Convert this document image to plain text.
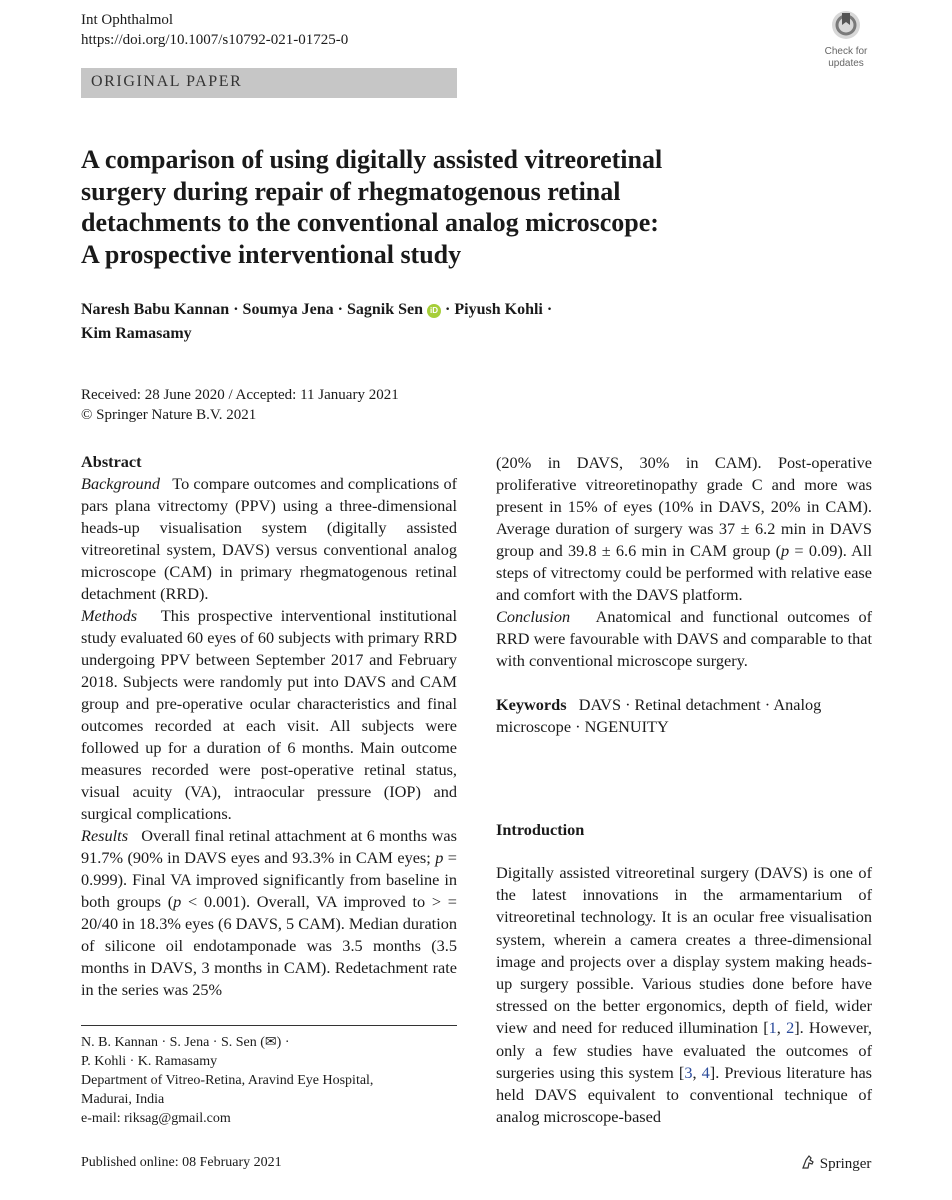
Int Ophthalmol
https://doi.org/10.1007/s10792-021-01725-0
Check for
updates
ORIGINAL PAPER
A comparison of using digitally assisted vitreoretinal
surgery during repair of rhegmatogenous retinal
detachments to the conventional analog microscope:
A prospective interventional study
Naresh Babu Kannan · Soumya Jena · Sagnik Sen iD · Piyush Kohli ·
Kim Ramasamy
Received: 28 June 2020 / Accepted: 11 January 2021
© Springer Nature B.V. 2021

Abstract

Background To compare outcomes and complications of pars plana vitrectomy (PPV) using a three-dimensional heads-up visualisation system (digitally assisted vitreoretinal system, DAVS) versus conventional analog microscope (CAM) in primary rhegmatogenous retinal detachment (RRD).

Methods This prospective interventional institutional study evaluated 60 eyes of 60 subjects with primary RRD undergoing PPV between September 2017 and February 2018. Subjects were randomly put into DAVS and CAM group and pre-operative ocular characteristics and final outcomes recorded at each visit. All subjects were followed up for a duration of 6 months. Main outcome measures recorded were post-operative retinal status, visual acuity (VA), intraocular pressure (IOP) and surgical complications.

Results Overall final retinal attachment at 6 months was 91.7% (90% in DAVS eyes and 93.3% in CAM eyes; p = 0.999). Final VA improved significantly from baseline in both groups (p < 0.001). Overall, VA improved to > = 20/40 in 18.3% eyes (6 DAVS, 5 CAM). Median duration of silicone oil endotamponade was 3.5 months (3.5 months in DAVS, 3 months in CAM). Redetachment rate in the series was 25%

(20% in DAVS, 30% in CAM). Post-operative proliferative vitreoretinopathy grade C and more was present in 15% of eyes (10% in DAVS, 20% in CAM). Average duration of surgery was 37 ± 6.2 min in DAVS group and 39.8 ± 6.6 min in CAM group (p = 0.09). All steps of vitrectomy could be performed with relative ease and comfort with the DAVS platform.

Conclusion Anatomical and functional outcomes of RRD were favourable with DAVS and comparable to that with conventional microscope surgery.

Keywords DAVS · Retinal detachment · Analog microscope · NGENUITY

Introduction

Digitally assisted vitreoretinal surgery (DAVS) is one of the latest innovations in the armamentarium of vitreoretinal technology. It is an ocular free visualisation system, wherein a camera creates a three-dimensional image and projects over a display system making heads-up surgery possible. Various studies done before have stressed on the better ergonomics, depth of field, wider view and need for reduced illumination [1, 2]. However, only a few studies have evaluated the outcomes of surgeries using this system [3, 4]. Previous literature has held DAVS equivalent to conventional technique of analog microscope-based

N. B. Kannan · S. Jena · S. Sen (✉) ·
P. Kohli · K. Ramasamy
Department of Vitreo-Retina, Aravind Eye Hospital,
Madurai, India
e-mail: riksag@gmail.com
Published online: 08 February 2021	Springer
